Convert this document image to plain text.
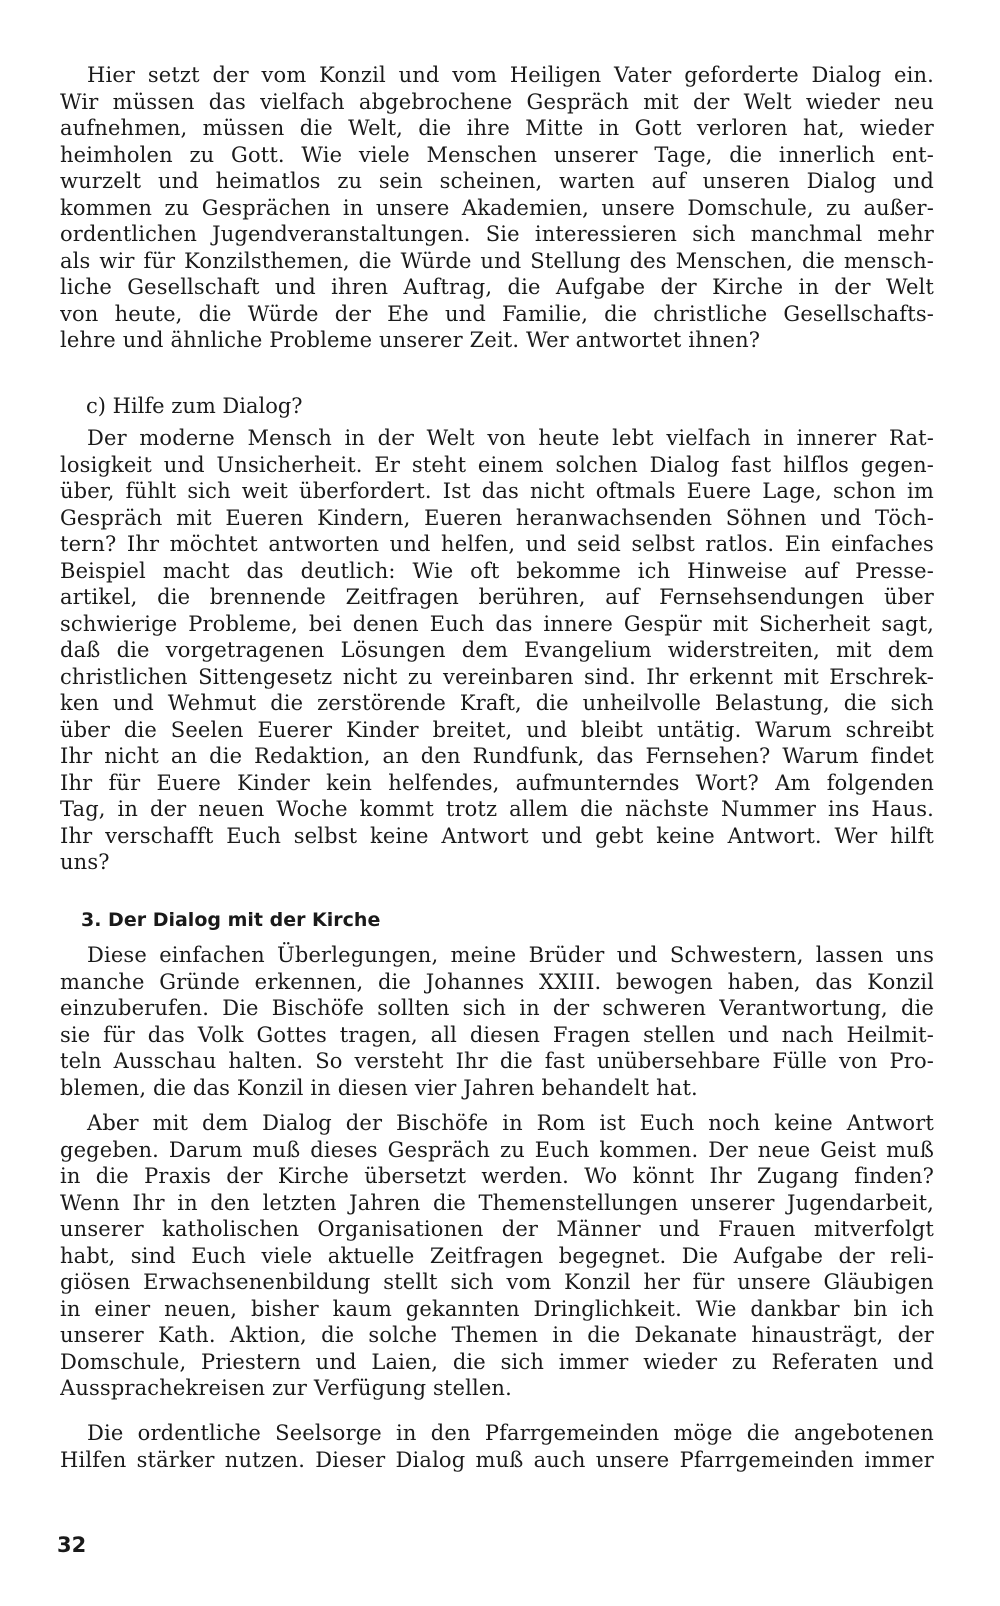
Hier setzt der vom Konzil und vom Heiligen Vater geforderte Dialog ein.
Wir müssen das vielfach abgebrochene Gespräch mit der Welt wieder neu
aufnehmen, müssen die Welt, die ihre Mitte in Gott verloren hat, wieder
heimholen zu Gott. Wie viele Menschen unserer Tage, die innerlich ent-
wurzelt und heimatlos zu sein scheinen, warten auf unseren Dialog und
kommen zu Gesprächen in unsere Akademien, unsere Domschule, zu außer-
ordentlichen Jugendveranstaltungen. Sie interessieren sich manchmal mehr
als wir für Konzilsthemen, die Würde und Stellung des Menschen, die mensch-
liche Gesellschaft und ihren Auftrag, die Aufgabe der Kirche in der Welt
von heute, die Würde der Ehe und Familie, die christliche Gesellschafts-
lehre und ähnliche Probleme unserer Zeit. Wer antwortet ihnen?
c) Hilfe zum Dialog?
Der moderne Mensch in der Welt von heute lebt vielfach in innerer Rat-
losigkeit und Unsicherheit. Er steht einem solchen Dialog fast hilflos gegen-
über, fühlt sich weit überfordert. Ist das nicht oftmals Euere Lage, schon im
Gespräch mit Eueren Kindern, Eueren heranwachsenden Söhnen und Töch-
tern? Ihr möchtet antworten und helfen, und seid selbst ratlos. Ein einfaches
Beispiel macht das deutlich: Wie oft bekomme ich Hinweise auf Presse-
artikel, die brennende Zeitfragen berühren, auf Fernsehsendungen über
schwierige Probleme, bei denen Euch das innere Gespür mit Sicherheit sagt,
daß die vorgetragenen Lösungen dem Evangelium widerstreiten, mit dem
christlichen Sittengesetz nicht zu vereinbaren sind. Ihr erkennt mit Erschrek-
ken und Wehmut die zerstörende Kraft, die unheilvolle Belastung, die sich
über die Seelen Euerer Kinder breitet, und bleibt untätig. Warum schreibt
Ihr nicht an die Redaktion, an den Rundfunk, das Fernsehen? Warum findet
Ihr für Euere Kinder kein helfendes, aufmunterndes Wort? Am folgenden
Tag, in der neuen Woche kommt trotz allem die nächste Nummer ins Haus.
Ihr verschafft Euch selbst keine Antwort und gebt keine Antwort. Wer hilft
uns?
3. Der Dialog mit der Kirche
Diese einfachen Überlegungen, meine Brüder und Schwestern, lassen uns
manche Gründe erkennen, die Johannes XXIII. bewogen haben, das Konzil
einzuberufen. Die Bischöfe sollten sich in der schweren Verantwortung, die
sie für das Volk Gottes tragen, all diesen Fragen stellen und nach Heilmit-
teln Ausschau halten. So versteht Ihr die fast unübersehbare Fülle von Pro-
blemen, die das Konzil in diesen vier Jahren behandelt hat.
Aber mit dem Dialog der Bischöfe in Rom ist Euch noch keine Antwort
gegeben. Darum muß dieses Gespräch zu Euch kommen. Der neue Geist muß
in die Praxis der Kirche übersetzt werden. Wo könnt Ihr Zugang finden?
Wenn Ihr in den letzten Jahren die Themenstellungen unserer Jugendarbeit,
unserer katholischen Organisationen der Männer und Frauen mitverfolgt
habt, sind Euch viele aktuelle Zeitfragen begegnet. Die Aufgabe der reli-
giösen Erwachsenenbildung stellt sich vom Konzil her für unsere Gläubigen
in einer neuen, bisher kaum gekannten Dringlichkeit. Wie dankbar bin ich
unserer Kath. Aktion, die solche Themen in die Dekanate hinausträgt, der
Domschule, Priestern und Laien, die sich immer wieder zu Referaten und
Aussprachekreisen zur Verfügung stellen.
Die ordentliche Seelsorge in den Pfarrgemeinden möge die angebotenen
Hilfen stärker nutzen. Dieser Dialog muß auch unsere Pfarrgemeinden immer
32
